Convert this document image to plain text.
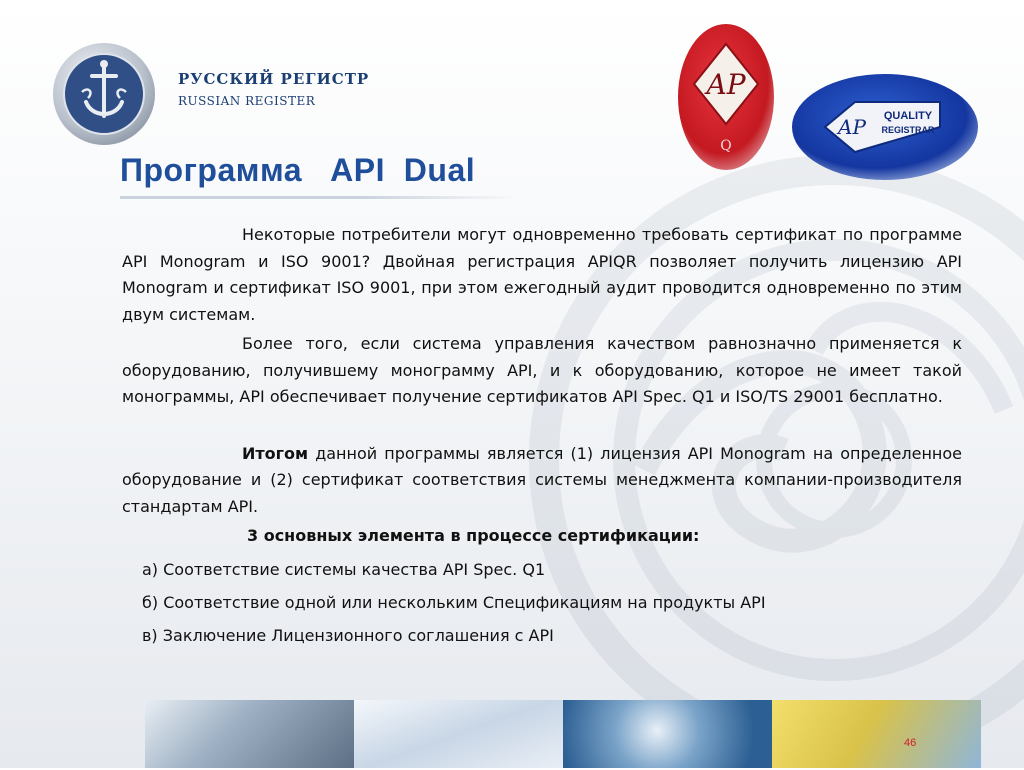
РУССКИЙ РЕГИСТР
RUSSIAN REGISTER	AP
Q
AP QUALITY
REGISTRAR
Программа   API  Dual

Некоторые потребители могут одновременно требовать сертификат по программе API Monogram и ISO 9001? Двойная регистрация APIQR позволяет получить лицензию API Monogram и сертификат ISO 9001, при этом ежегодный аудит проводится одновременно по этим двум системам.

Более того, если система управления качеством равнозначно применяется к оборудованию, получившему монограмму API, и к оборудованию, которое не имеет такой монограммы, API обеспечивает получение сертификатов API Spec. Q1 и ISO/TS 29001 бесплатно.

Итогом данной программы является (1) лицензия API Monogram на определенное оборудование и (2) сертификат соответствия системы менеджмента компании-производителя стандартам API.

3 основных элемента в процессе сертификации:
а) Соответствие системы качества API Spec. Q1
б) Соответствие одной или нескольким Спецификациям на продукты API
в) Заключение Лицензионного соглашения с API
46
